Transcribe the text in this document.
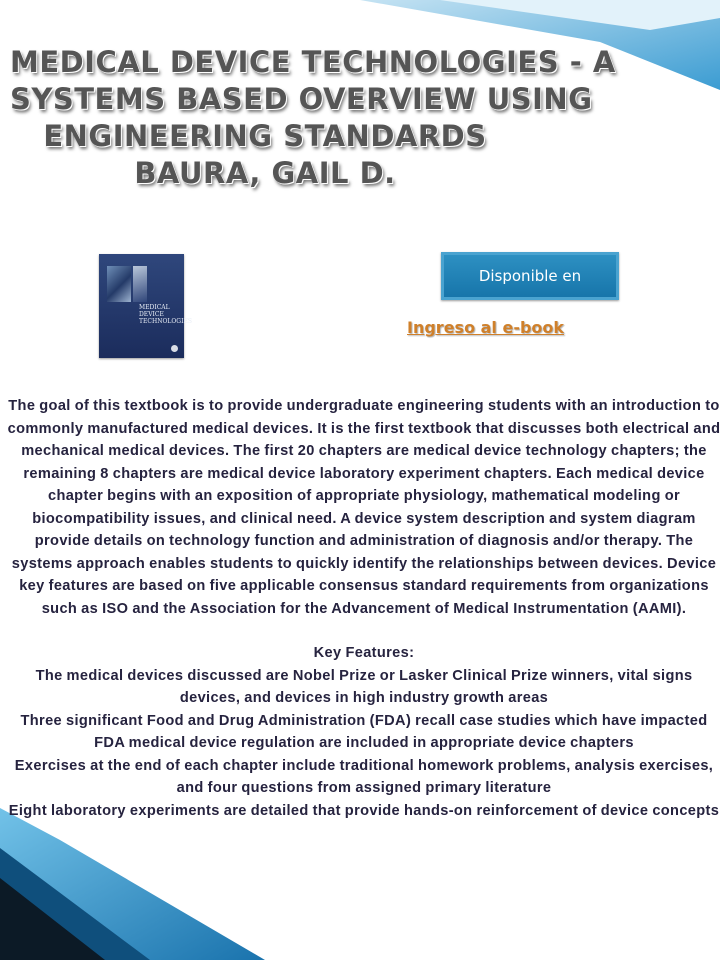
MEDICAL DEVICE TECHNOLOGIES - A
SYSTEMS BASED OVERVIEW USING
ENGINEERING STANDARDS
BAURA, GAIL D.
MEDICAL DEVICE TECHNOLOGIES
Disponible en
Ingreso al e-book

The goal of this textbook is to provide undergraduate engineering students with an introduction to commonly manufactured medical devices. It is the first textbook that discusses both electrical and mechanical medical devices. The first 20 chapters are medical device technology chapters; the remaining 8 chapters are medical device laboratory experiment chapters. Each medical device chapter begins with an exposition of appropriate physiology, mathematical modeling or biocompatibility issues, and clinical need. A device system description and system diagram provide details on technology function and administration of diagnosis and/or therapy. The systems approach enables students to quickly identify the relationships between devices. Device key features are based on five applicable consensus standard requirements from organizations such as ISO and the Association for the Advancement of Medical Instrumentation (AAMI).

Key Features:

The medical devices discussed are Nobel Prize or Lasker Clinical Prize winners, vital signs devices, and devices in high industry growth areas

Three significant Food and Drug Administration (FDA) recall case studies which have impacted FDA medical device regulation are included in appropriate device chapters

Exercises at the end of each chapter include traditional homework problems, analysis exercises, and four questions from assigned primary literature

Eight laboratory experiments are detailed that provide hands-on reinforcement of device concepts
